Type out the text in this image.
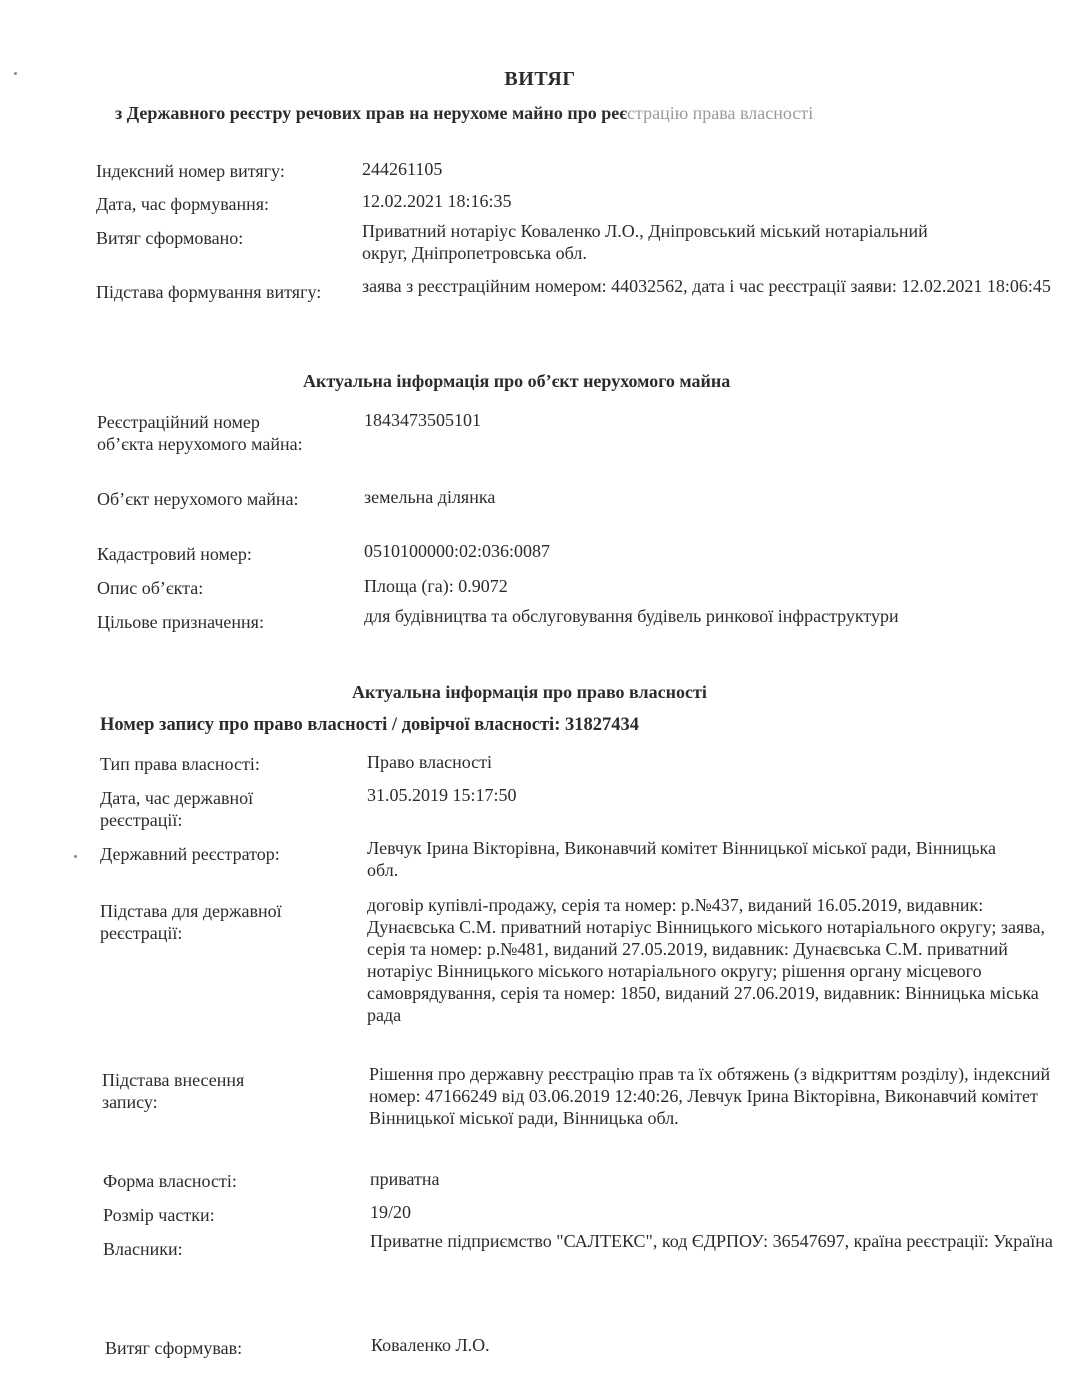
ВИТЯГ
з Державного реєстру речових прав на нерухоме майно про реєстрацію права власності
Індексний номер витягу:	244261105
Дата, час формування:	12.02.2021 18:16:35
Витяг сформовано:	Приватний нотаріус Коваленко Л.О., Дніпровський міський нотаріальний округ, Дніпропетровська обл.
Підстава формування витягу: заява з реєстраційним номером: 44032562, дата і час реєстрації заяви: 12.02.2021 18:06:45
Актуальна інформація про об’єкт нерухомого майна
Реєстраційний номер об’єкта нерухомого майна:
1843473505101
Об’єкт нерухомого майна:	земельна ділянка
Кадастровий номер:	0510100000:02:036:0087
Опис об’єкта:	Площа (га): 0.9072
Цільове призначення:	для будівництва та обслуговування будівель ринкової інфраструктури
Актуальна інформація про право власності
Номер запису про право власності / довірчої власності: 31827434
Тип права власності:	Право власності
Дата, час державної реєстрації:
31.05.2019 15:17:50
Державний реєстратор:	Левчук Ірина Вікторівна, Виконавчий комітет Вінницької міської ради, Вінницька обл.
Підстава для державної реєстрації:
договір купівлі-продажу, серія та номер: р.№437, виданий 16.05.2019, видавник: Дунаєвська С.М. приватний нотаріус Вінницького міського нотаріального округу; заява, серія та номер: р.№481, виданий 27.05.2019, видавник: Дунаєвська С.М. приватний нотаріус Вінницького міського нотаріального округу; рішення органу місцевого самоврядування, серія та номер: 1850, виданий 27.06.2019, видавник: Вінницька міська рада
Підстава внесення запису:
Рішення про державну реєстрацію прав та їх обтяжень (з відкриттям розділу), індексний номер: 47166249 від 03.06.2019 12:40:26, Левчук Ірина Вікторівна, Виконавчий комітет Вінницької міської ради, Вінницька обл.
Форма власності:	приватна
Розмір частки:	19/20
Власники:	Приватне підприємство "САЛТЕКС", код ЄДРПОУ: 36547697, країна реєстрації: Україна
Витяг сформував:	Коваленко Л.О.
